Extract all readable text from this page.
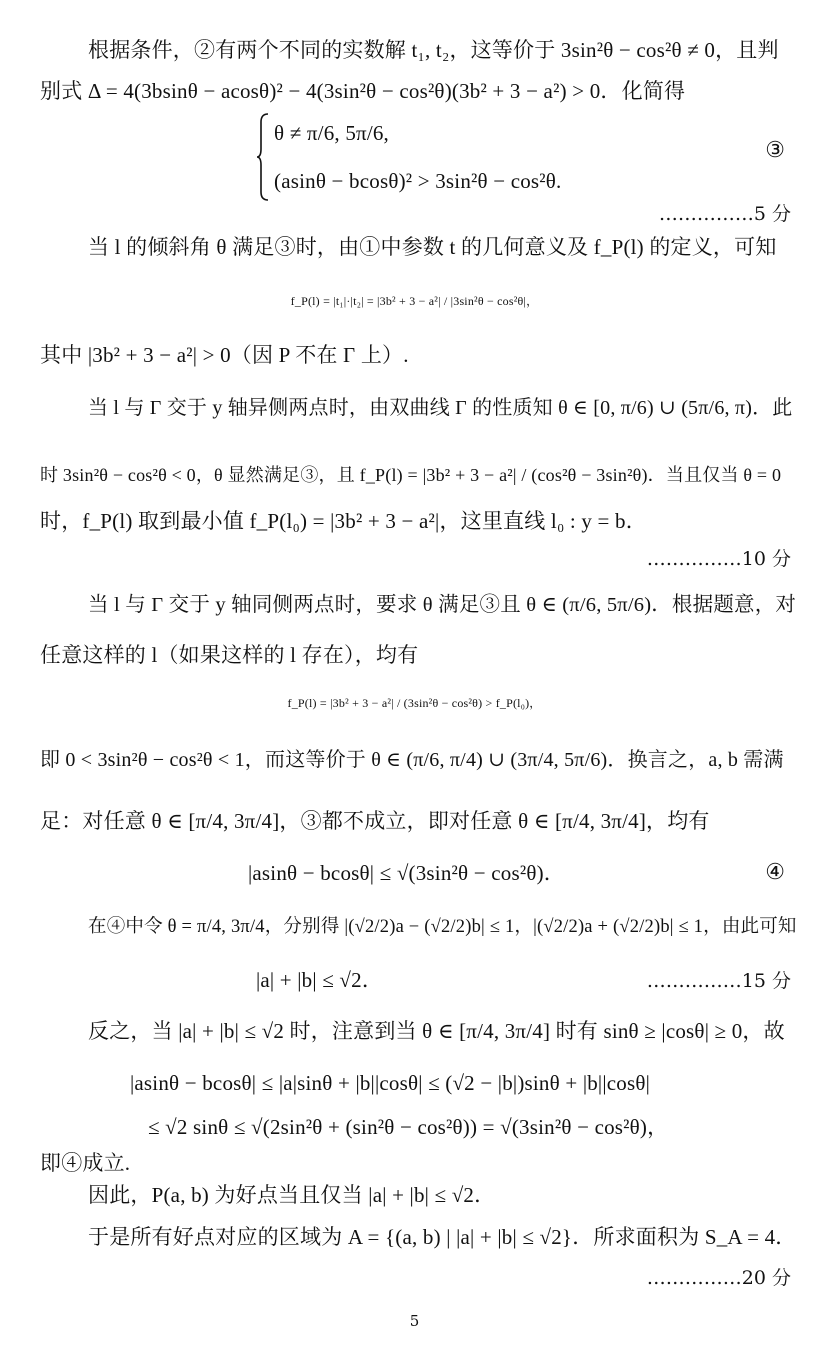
根据条件，②有两个不同的实数解 t₁, t₂，这等价于 3sin²θ − cos²θ ≠ 0，且判
别式 Δ = 4(3bsinθ − acosθ)² − 4(3sin²θ − cos²θ)(3b² + 3 − a²) > 0．化简得
θ ≠ π/6, 5π/6,
(asinθ − bcosθ)² > 3sin²θ − cos²θ.
③
……………5 分
当 l 的倾斜角 θ 满足③时，由①中参数 t 的几何意义及 f_P(l) 的定义，可知
f_P(l) = |t₁|·|t₂| = |3b² + 3 − a²| / |3sin²θ − cos²θ|，
其中 |3b² + 3 − a²| > 0（因 P 不在 Γ 上）.
当 l 与 Γ 交于 y 轴异侧两点时，由双曲线 Γ 的性质知 θ ∈ [0, π/6) ∪ (5π/6, π)．此
时 3sin²θ − cos²θ < 0，θ 显然满足③，且 f_P(l) = |3b² + 3 − a²| / (cos²θ − 3sin²θ)．当且仅当 θ = 0
时，f_P(l) 取到最小值 f_P(l₀) = |3b² + 3 − a²|，这里直线 l₀ : y = b．
……………10 分
当 l 与 Γ 交于 y 轴同侧两点时，要求 θ 满足③且 θ ∈ (π/6, 5π/6)．根据题意，对
任意这样的 l（如果这样的 l 存在），均有
f_P(l) = |3b² + 3 − a²| / (3sin²θ − cos²θ) > f_P(l₀)，
即 0 < 3sin²θ − cos²θ < 1，而这等价于 θ ∈ (π/6, π/4) ∪ (3π/4, 5π/6)．换言之，a, b 需满
足：对任意 θ ∈ [π/4, 3π/4]，③都不成立，即对任意 θ ∈ [π/4, 3π/4]，均有
|asinθ − bcosθ| ≤ √(3sin²θ − cos²θ)．	④
在④中令 θ = π/4, 3π/4，分别得 |(√2/2)a − (√2/2)b| ≤ 1，|(√2/2)a + (√2/2)b| ≤ 1，由此可知
|a| + |b| ≤ √2．	……………15 分
反之，当 |a| + |b| ≤ √2 时，注意到当 θ ∈ [π/4, 3π/4] 时有 sinθ ≥ |cosθ| ≥ 0，故
|asinθ − bcosθ| ≤ |a|sinθ + |b||cosθ| ≤ (√2 − |b|)sinθ + |b||cosθ|
≤ √2 sinθ ≤ √(2sin²θ + (sin²θ − cos²θ)) = √(3sin²θ − cos²θ)，
即④成立.
因此，P(a, b) 为好点当且仅当 |a| + |b| ≤ √2．
于是所有好点对应的区域为 A = {(a, b) | |a| + |b| ≤ √2}．所求面积为 S_A = 4．
……………20 分
5
